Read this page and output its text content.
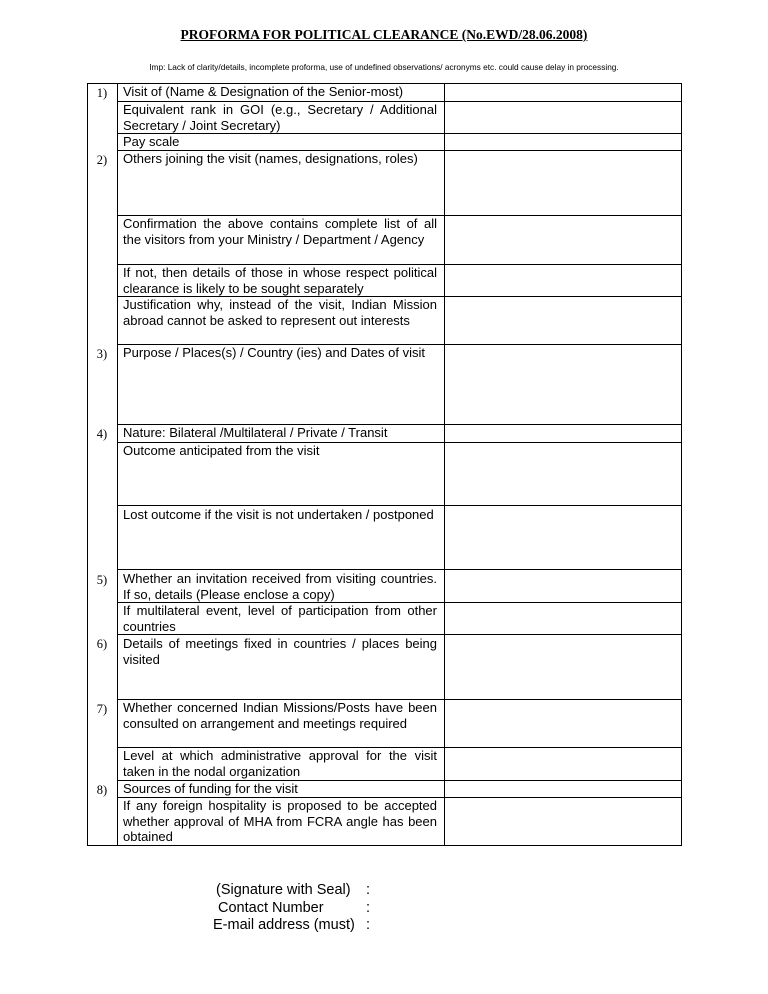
PROFORMA FOR POLITICAL CLEARANCE (No.EWD/28.06.2008)
Imp: Lack of clarity/details, incomplete proforma, use of undefined observations/ acronyms etc. could cause delay in processing.
1)
2)
3)
4)
5)
6)
7)
8)
Visit of (Name & Designation of the Senior-most)
Equivalent rank in GOI (e.g., Secretary / Additional Secretary / Joint Secretary)
Pay scale
Others joining the visit (names, designations, roles)
Confirmation the above contains complete list of all the visitors from your Ministry / Department / Agency
If not, then details of those in whose respect political clearance is likely to be sought separately
Justification why, instead of the visit, Indian Mission abroad cannot be asked to represent out interests
Purpose / Places(s) / Country (ies) and Dates of visit
Nature: Bilateral /Multilateral / Private / Transit
Outcome anticipated from the visit
Lost outcome if the visit is not undertaken / postponed
Whether an invitation received from visiting countries. If so, details (Please enclose a copy)
If multilateral event, level of participation from other countries
Details of meetings fixed in countries / places being visited
Whether concerned Indian Missions/Posts have been consulted on arrangement and meetings required
Level at which administrative approval for the visit taken in the nodal organization
Sources of funding for the visit
If any foreign hospitality is proposed to be accepted whether approval of MHA from FCRA angle has been obtained
(Signature with Seal) :
Contact Number	:
E-mail address (must) :
